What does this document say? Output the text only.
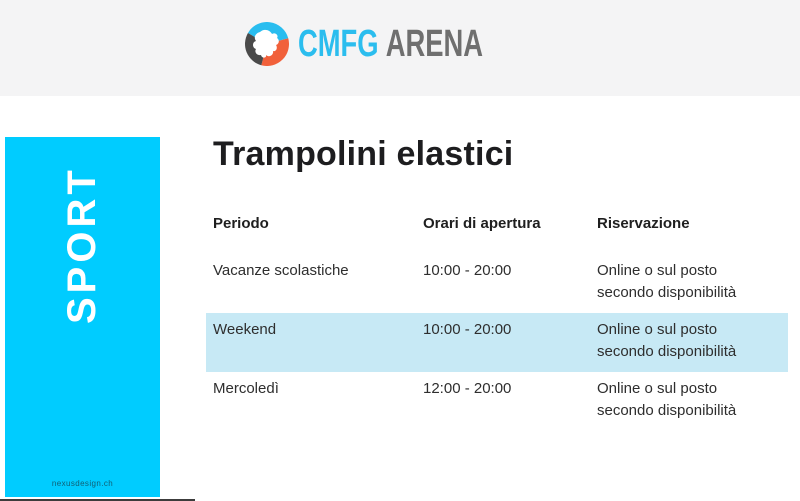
CMFG ARENA
SPORT
nexusdesign.ch
Trampolini elastici
Periodo	Orari di apertura	Riservazione
Vacanze scolastiche	10:00 - 20:00	Online o sul posto
secondo disponibilità
Weekend	10:00 - 20:00	Online o sul posto
secondo disponibilità
Mercoledì	12:00 - 20:00	Online o sul posto
secondo disponibilità
